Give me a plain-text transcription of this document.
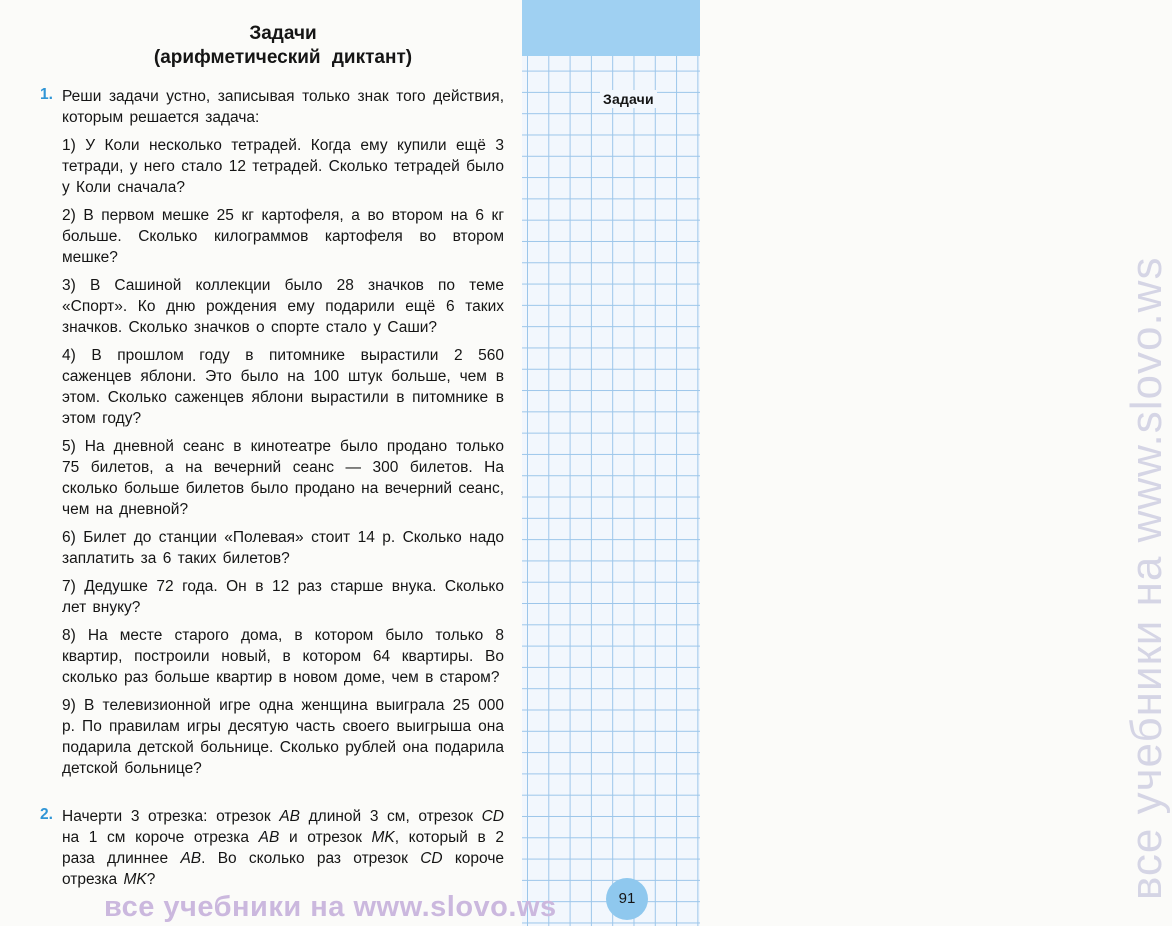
Задачи
все учебники на www.slovo.ws
91
Задачи
(арифметический диктант)
1. Реши задачи устно, записывая только знак того действия, которым решается задача:
1) У Коли несколько тетрадей. Когда ему купили ещё 3 тетради, у него стало 12 тетрадей. Сколько тетрадей было у Коли сначала?
2) В первом мешке 25 кг картофеля, а во втором на 6 кг больше. Сколько килограммов картофеля во втором мешке?
3) В Сашиной коллекции было 28 значков по теме «Спорт». Ко дню рождения ему подарили ещё 6 таких значков. Сколько значков о спорте стало у Саши?
4) В прошлом году в питомнике вырастили 2 560 саженцев яблони. Это было на 100 штук больше, чем в этом. Сколько саженцев яблони вырастили в питомнике в этом году?
5) На дневной сеанс в кинотеатре было продано только 75 билетов, а на вечерний сеанс — 300 билетов. На сколько больше билетов было продано на вечерний сеанс, чем на дневной?
6) Билет до станции «Полевая» стоит 14 р. Сколько надо заплатить за 6 таких билетов?
7) Дедушке 72 года. Он в 12 раз старше внука. Сколько лет внуку?
8) На месте старого дома, в котором было только 8 квартир, построили новый, в котором 64 квартиры. Во сколько раз больше квартир в новом доме, чем в старом?
9) В телевизионной игре одна женщина выиграла 25 000 р. По правилам игры десятую часть своего выигрыша она подарила детской больнице. Сколько рублей она подарила детской больнице?
2. Начерти 3 отрезка: отрезок AB длиной 3 см, отрезок CD на 1 см короче отрезка AB и отрезок MK, который в 2 раза длиннее AB. Во сколько раз отрезок CD короче отрезка MK?
все учебники на www.slovo.ws
